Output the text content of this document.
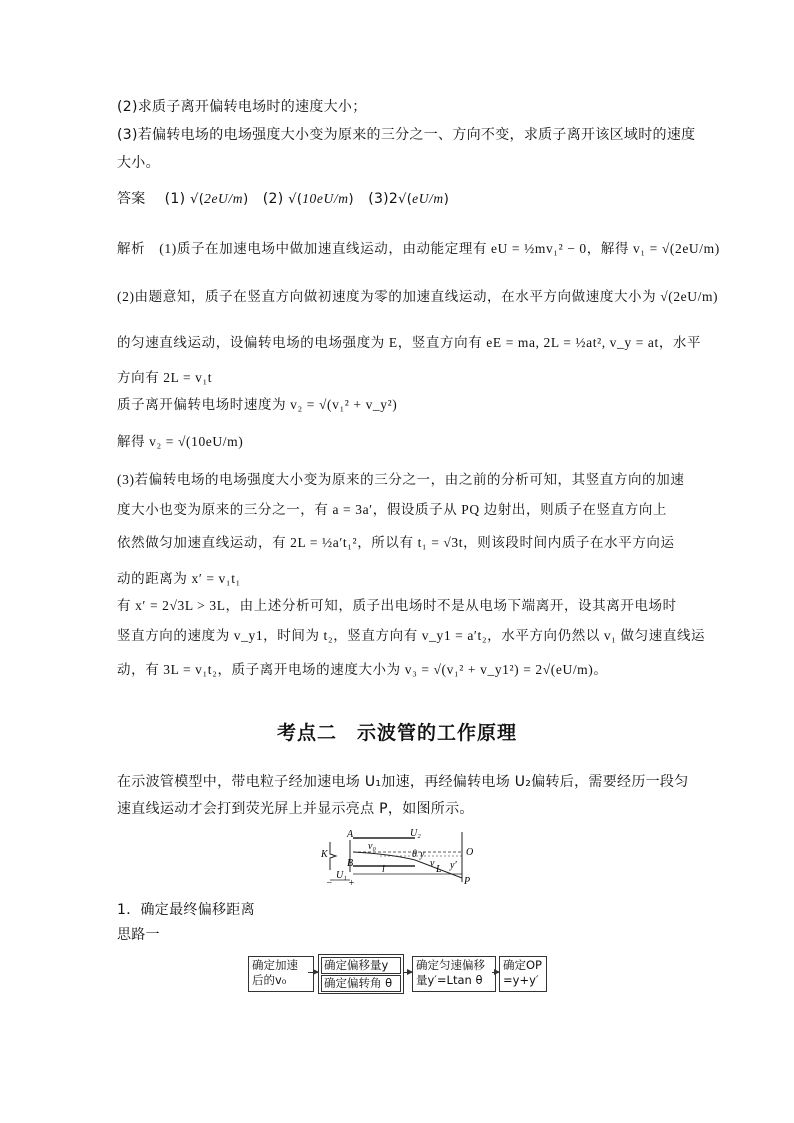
(2)求质子离开偏转电场时的速度大小；
(3)若偏转电场的电场强度大小变为原来的三分之一、方向不变，求质子离开该区域时的速度
大小。
答案 (1) √(2eU/m) (2) √(10eU/m) (3)2√(eU/m)
解析　(1)质子在加速电场中做加速直线运动，由动能定理有 eU = ½mv₁² − 0，解得 v₁ = √(2eU/m)
(2)由题意知，质子在竖直方向做初速度为零的加速直线运动，在水平方向做速度大小为 √(2eU/m)
的匀速直线运动，设偏转电场的电场强度为 E，竖直方向有 eE = ma, 2L = ½at², v_y = at，水平
方向有 2L = v₁t
质子离开偏转电场时速度为 v₂ = √(v₁² + v_y²)
解得 v₂ = √(10eU/m)
(3)若偏转电场的电场强度大小变为原来的三分之一，由之前的分析可知，其竖直方向的加速
度大小也变为原来的三分之一，有 a = 3a′，假设质子从 PQ 边射出，则质子在竖直方向上
依然做匀加速直线运动，有 2L = ½a′t₁²，所以有 t₁ = √3t，则该段时间内质子在水平方向运
动的距离为 x′ = v₁t₁
有 x′ = 2√3L > 3L，由上述分析可知，质子出电场时不是从电场下端离开，设其离开电场时
竖直方向的速度为 v_y1，时间为 t₂，竖直方向有 v_y1 = a′t₂，水平方向仍然以 v₁ 做匀速直线运
动，有 3L = v₁t₂，质子离开电场的速度大小为 v₃ = √(v₁² + v_y1²) = 2√(eU/m)。
考点二　示波管的工作原理
在示波管模型中，带电粒子经加速电场 U₁加速，再经偏转电场 U₂偏转后，需要经历一段匀
速直线运动才会打到荧光屏上并显示亮点 P，如图所示。
A
B
K	O
P
v₀
U₂
θ y
v y′
l	L
U₁
− +
1．确定最终偏移距离
思路一
确定加速
后的v₀
确定偏移量y
确定偏转角 θ
确定匀速偏移
量y′=Ltan θ
确定OP
=y+y′
